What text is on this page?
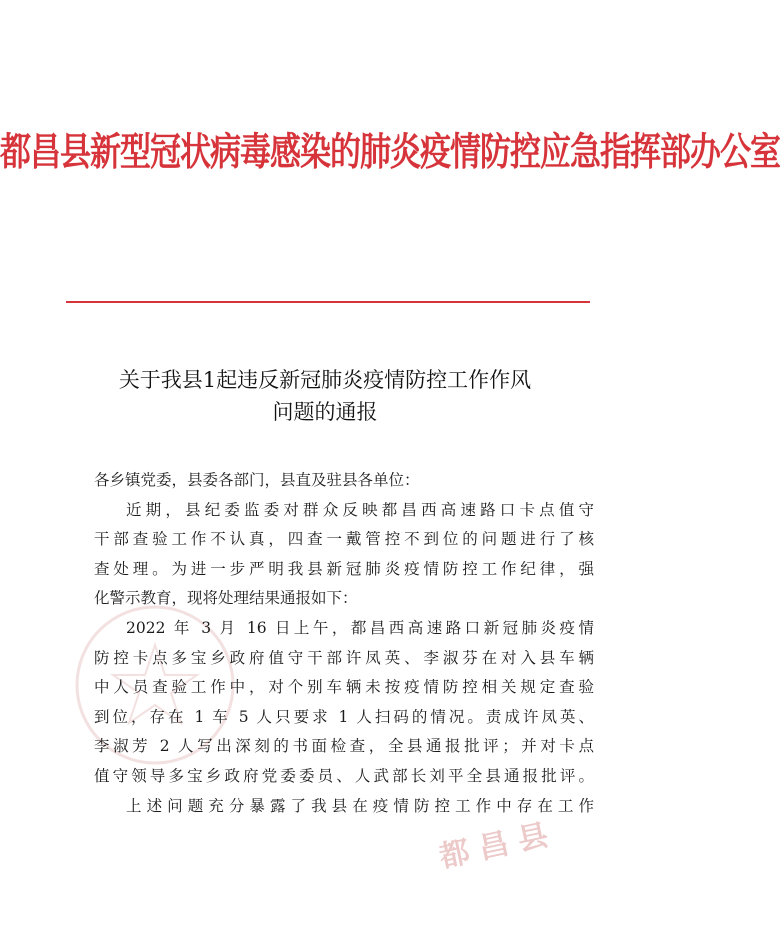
都昌县新型冠状病毒感染的肺炎疫情防控应急指挥部办公室
关于我县1起违反新冠肺炎疫情防控工作作风
问题的通报
各乡镇党委，县委各部门，县直及驻县各单位：
近期，县纪委监委对群众反映都昌西高速路口卡点值守
干部查验工作不认真，四查一戴管控不到位的问题进行了核
查处理。为进一步严明我县新冠肺炎疫情防控工作纪律，强
化警示教育，现将处理结果通报如下：
2022 年 3 月 16 日上午，都昌西高速路口新冠肺炎疫情
防控卡点多宝乡政府值守干部许凤英、李淑芬在对入县车辆
中人员查验工作中，对个别车辆未按疫情防控相关规定查验
到位，存在 1 车 5 人只要求 1 人扫码的情况。责成许凤英、
李淑芳 2 人写出深刻的书面检查，全县通报批评；并对卡点
值守领导多宝乡政府党委委员、人武部长刘平全县通报批评。
上述问题充分暴露了我县在疫情防控工作中存在工作
都昌县
